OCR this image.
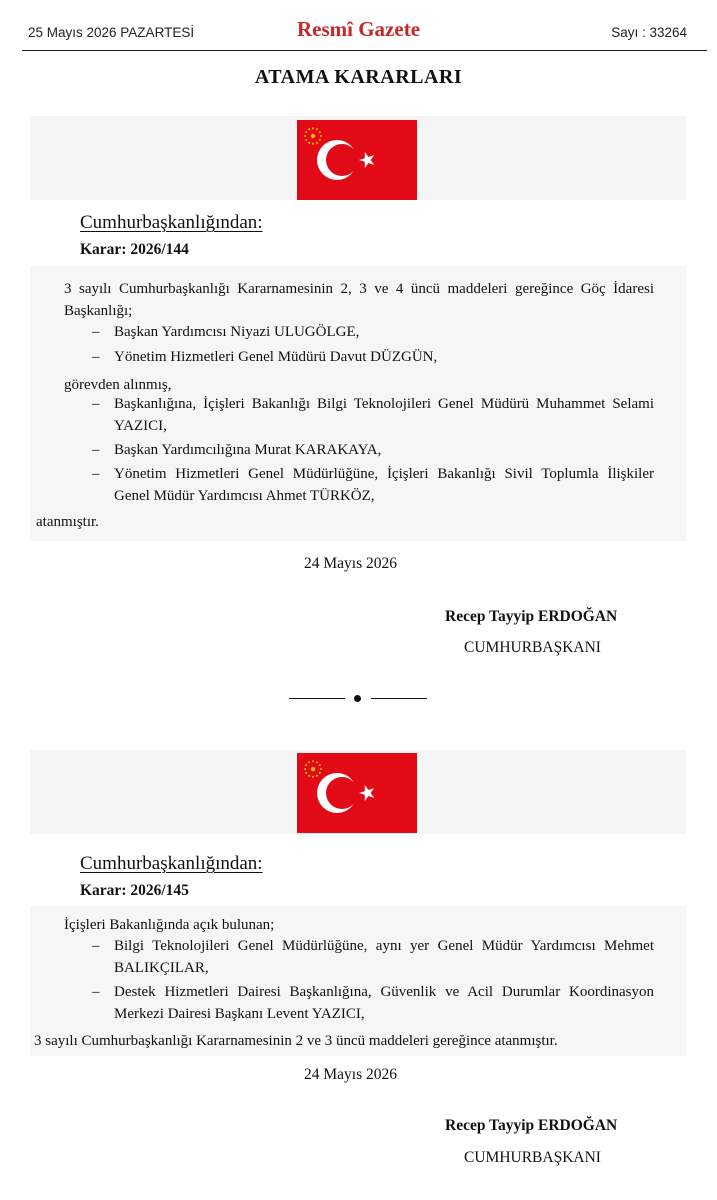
25 Mayıs 2026 PAZARTESİ	Resmî Gazete	Sayı : 33264
ATAMA KARARLARI
Cumhurbaşkanlığından:
Karar: 2026/144
3 sayılı Cumhurbaşkanlığı Kararnamesinin 2, 3 ve 4 üncü maddeleri gereğince Göç İdaresi
Başkanlığı;
– Başkan Yardımcısı Niyazi ULUGÖLGE,
– Yönetim Hizmetleri Genel Müdürü Davut DÜZGÜN,
görevden alınmış,
– Başkanlığına, İçişleri Bakanlığı Bilgi Teknolojileri Genel Müdürü Muhammet Selami
YAZICI,
– Başkan Yardımcılığına Murat KARAKAYA,
– Yönetim Hizmetleri Genel Müdürlüğüne, İçişleri Bakanlığı Sivil Toplumla İlişkiler
Genel Müdür Yardımcısı Ahmet TÜRKÖZ,
atanmıştır.
24 Mayıs 2026
Recep Tayyip ERDOĞAN
CUMHURBAŞKANI
Cumhurbaşkanlığından:
Karar: 2026/145
İçişleri Bakanlığında açık bulunan;
– Bilgi Teknolojileri Genel Müdürlüğüne, aynı yer Genel Müdür Yardımcısı Mehmet
BALIKÇILAR,
– Destek Hizmetleri Dairesi Başkanlığına, Güvenlik ve Acil Durumlar Koordinasyon
Merkezi Dairesi Başkanı Levent YAZICI,
3 sayılı Cumhurbaşkanlığı Kararnamesinin 2 ve 3 üncü maddeleri gereğince atanmıştır.
24 Mayıs 2026
Recep Tayyip ERDOĞAN
CUMHURBAŞKANI
